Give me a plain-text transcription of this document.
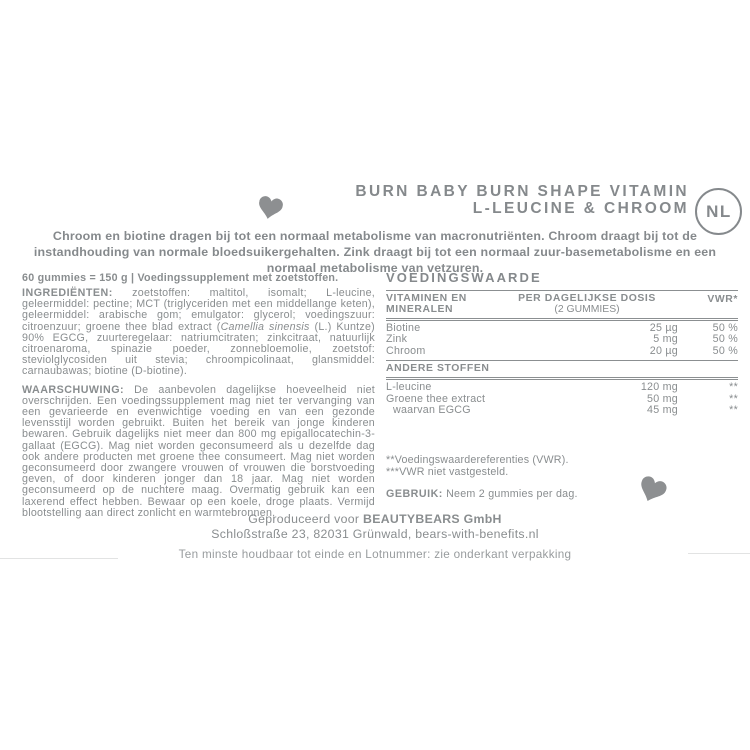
BURN BABY BURN SHAPE VITAMIN
L-LEUCINE & CHROOM NL
Chroom en biotine dragen bij tot een normaal metabolisme van macronutriënten. Chroom draagt bij tot de instandhouding van normale bloedsuikergehalten. Zink draagt bij tot een normaal zuur-basemetabolisme en een normaal metabolisme van vetzuren.
60 gummies = 150 g | Voedingssupplement met zoetstoffen.

INGREDIËNTEN: zoetstoffen: maltitol, isomalt; L-leucine, geleermiddel: pectine; MCT (triglyceriden met een middellange keten), geleermiddel: arabische gom; emulgator: glycerol; voedingszuur: citroenzuur; groene thee blad extract (Camellia sinensis (L.) Kuntze) 90% EGCG, zuurteregelaar: natriumcitraten; zinkcitraat, natuurlijk citroenaroma, spinazie poeder, zonnebloemolie, zoetstof: steviolglycosiden uit stevia; chroompicolinaat, glansmiddel: carnaubawas; biotine (D-biotine).

WAARSCHUWING: De aanbevolen dagelijkse hoeveelheid niet overschrijden. Een voedingssupplement mag niet ter vervanging van een gevarieerde en evenwichtige voeding en van een gezonde levensstijl worden gebruikt. Buiten het bereik van jonge kinderen bewaren. Gebruik dagelijks niet meer dan 800 mg epigallocatechin-3-gallaat (EGCG). Mag niet worden geconsumeerd als u dezelfde dag ook andere producten met groene thee consumeert. Mag niet worden geconsumeerd door zwangere vrouwen of vrouwen die borstvoeding geven, of door kinderen jonger dan 18 jaar. Mag niet worden geconsumeerd op de nuchtere maag. Overmatig gebruik kan een laxerend effect hebben. Bewaar op een koele, droge plaats. Vermijd blootstelling aan direct zonlicht en warmtebronnen.

VOEDINGSWAARDE
VITAMINEN EN
MINERALEN
PER DAGELIJKSE DOSIS
(2 GUMMIES)
VWR*
Biotine	25 µg	50 %
Zink	5 mg	50 %
Chroom	20 µg	50 %
ANDERE STOFFEN
L-leucine	120 mg	**
Groene thee extract	50 mg	**
waarvan EGCG	45 mg	**
**Voedingswaardereferenties (VWR).
***VWR niet vastgesteld.
GEBRUIK: Neem 2 gummies per dag.
Geproduceerd voor BEAUTYBEARS GmbH
Schloßstraße 23, 82031 Grünwald, bears-with-benefits.nl
Ten minste houdbaar tot einde en Lotnummer: zie onderkant verpakking
